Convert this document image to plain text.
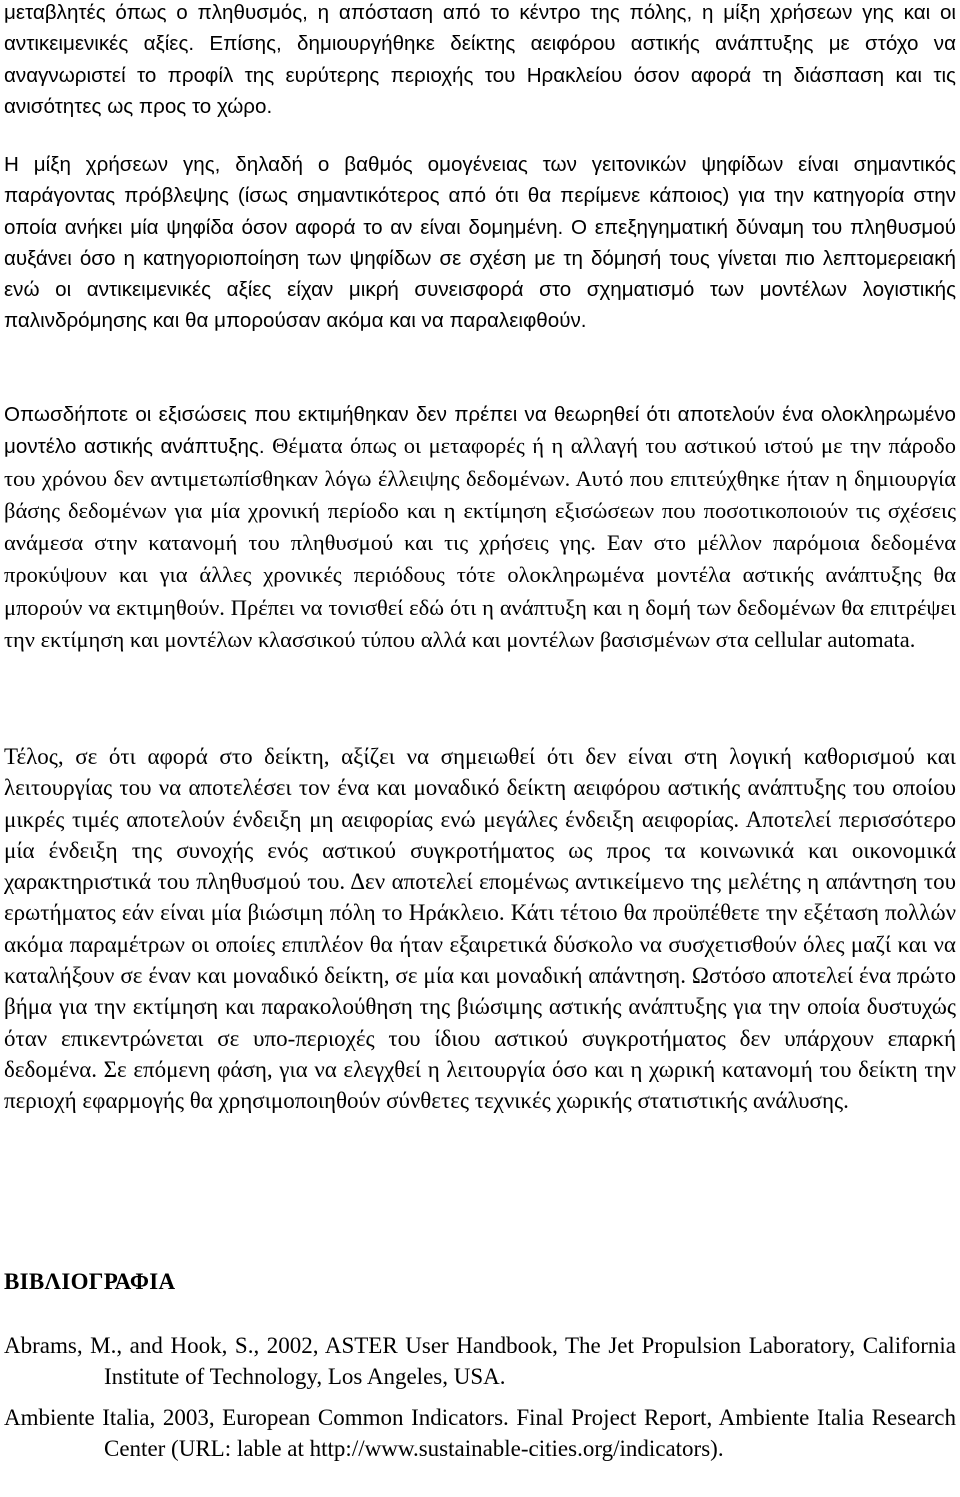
μεταβλητές όπως ο πληθυσμός, η απόσταση από το κέντρο της πόλης, η μίξη χρήσεων γης και οι αντικειμενικές αξίες. Επίσης, δημιουργήθηκε δείκτης αειφόρου αστικής ανάπτυξης με στόχο να αναγνωριστεί το προφίλ της ευρύτερης περιοχής του Ηρακλείου όσον αφορά τη διάσπαση και τις ανισότητες ως προς το χώρο.

Η μίξη χρήσεων γης, δηλαδή ο βαθμός ομογένειας των γειτονικών ψηφίδων είναι σημαντικός παράγοντας πρόβλεψης (ίσως σημαντικότερος από ότι θα περίμενε κάποιος) για την κατηγορία στην οποία ανήκει μία ψηφίδα όσον αφορά το αν είναι δομημένη. Ο επεξηγηματική δύναμη του πληθυσμού αυξάνει όσο η κατηγοριοποίηση των ψηφίδων σε σχέση με τη δόμησή τους γίνεται πιο λεπτομερειακή ενώ οι αντικειμενικές αξίες είχαν μικρή συνεισφορά στο σχηματισμό των μοντέλων λογιστικής παλινδρόμησης και θα μπορούσαν ακόμα και να παραλειφθούν.

Οπωσδήποτε οι εξισώσεις που εκτιμήθηκαν δεν πρέπει να θεωρηθεί ότι αποτελούν ένα ολοκληρωμένο μοντέλο αστικής ανάπτυξης. Θέματα όπως οι μεταφορές ή η αλλαγή του αστικού ιστού με την πάροδο του χρόνου δεν αντιμετωπίσθηκαν λόγω έλλειψης δεδομένων. Αυτό που επιτεύχθηκε ήταν η δημιουργία βάσης δεδομένων για μία χρονική περίοδο και η εκτίμηση εξισώσεων που ποσοτικοποιούν τις σχέσεις ανάμεσα στην κατανομή του πληθυσμού και τις χρήσεις γης. Εαν στο μέλλον παρόμοια δεδομένα προκύψουν και για άλλες χρονικές περιόδους τότε ολοκληρωμένα μοντέλα αστικής ανάπτυξης θα μπορούν να εκτιμηθούν. Πρέπει να τονισθεί εδώ ότι η ανάπτυξη και η δομή των δεδομένων θα επιτρέψει την εκτίμηση και μοντέλων κλασσικού τύπου αλλά και μοντέλων βασισμένων στα cellular automata.

Τέλος, σε ότι αφορά στο δείκτη, αξίζει να σημειωθεί ότι δεν είναι στη λογική καθορισμού και λειτουργίας του να αποτελέσει τον ένα και μοναδικό δείκτη αειφόρου αστικής ανάπτυξης του οποίου μικρές τιμές αποτελούν ένδειξη μη αειφορίας ενώ μεγάλες ένδειξη αειφορίας. Αποτελεί περισσότερο μία ένδειξη της συνοχής ενός αστικού συγκροτήματος ως προς τα κοινωνικά και οικονομικά χαρακτηριστικά του πληθυσμού του. Δεν αποτελεί επομένως αντικείμενο της μελέτης η απάντηση του ερωτήματος εάν είναι μία βιώσιμη πόλη το Ηράκλειο. Κάτι τέτοιο θα προϋπέθετε την εξέταση πολλών ακόμα παραμέτρων οι οποίες επιπλέον θα ήταν εξαιρετικά δύσκολο να συσχετισθούν όλες μαζί και να καταλήξουν σε έναν και μοναδικό δείκτη, σε μία και μοναδική απάντηση. Ωστόσο αποτελεί ένα πρώτο βήμα για την εκτίμηση και παρακολούθηση της βιώσιμης αστικής ανάπτυξης για την οποία δυστυχώς όταν επικεντρώνεται σε υπο-περιοχές του ίδιου αστικού συγκροτήματος δεν υπάρχουν επαρκή δεδομένα. Σε επόμενη φάση, για να ελεγχθεί η λειτουργία όσο και η χωρική κατανομή του δείκτη την περιοχή εφαρμογής θα χρησιμοποιηθούν σύνθετες τεχνικές χωρικής στατιστικής ανάλυσης.

ΒΙΒΛΙΟΓΡΑΦΙΑ

Abrams, M., and Hook, S., 2002, ASTER User Handbook, The Jet Propulsion Laboratory, California Institute of Technology, Los Angeles, USA.

Ambiente Italia, 2003, European Common Indicators. Final Project Report, Ambiente Italia Research Center (URL: lable at http://www.sustainable-cities.org/indicators).
